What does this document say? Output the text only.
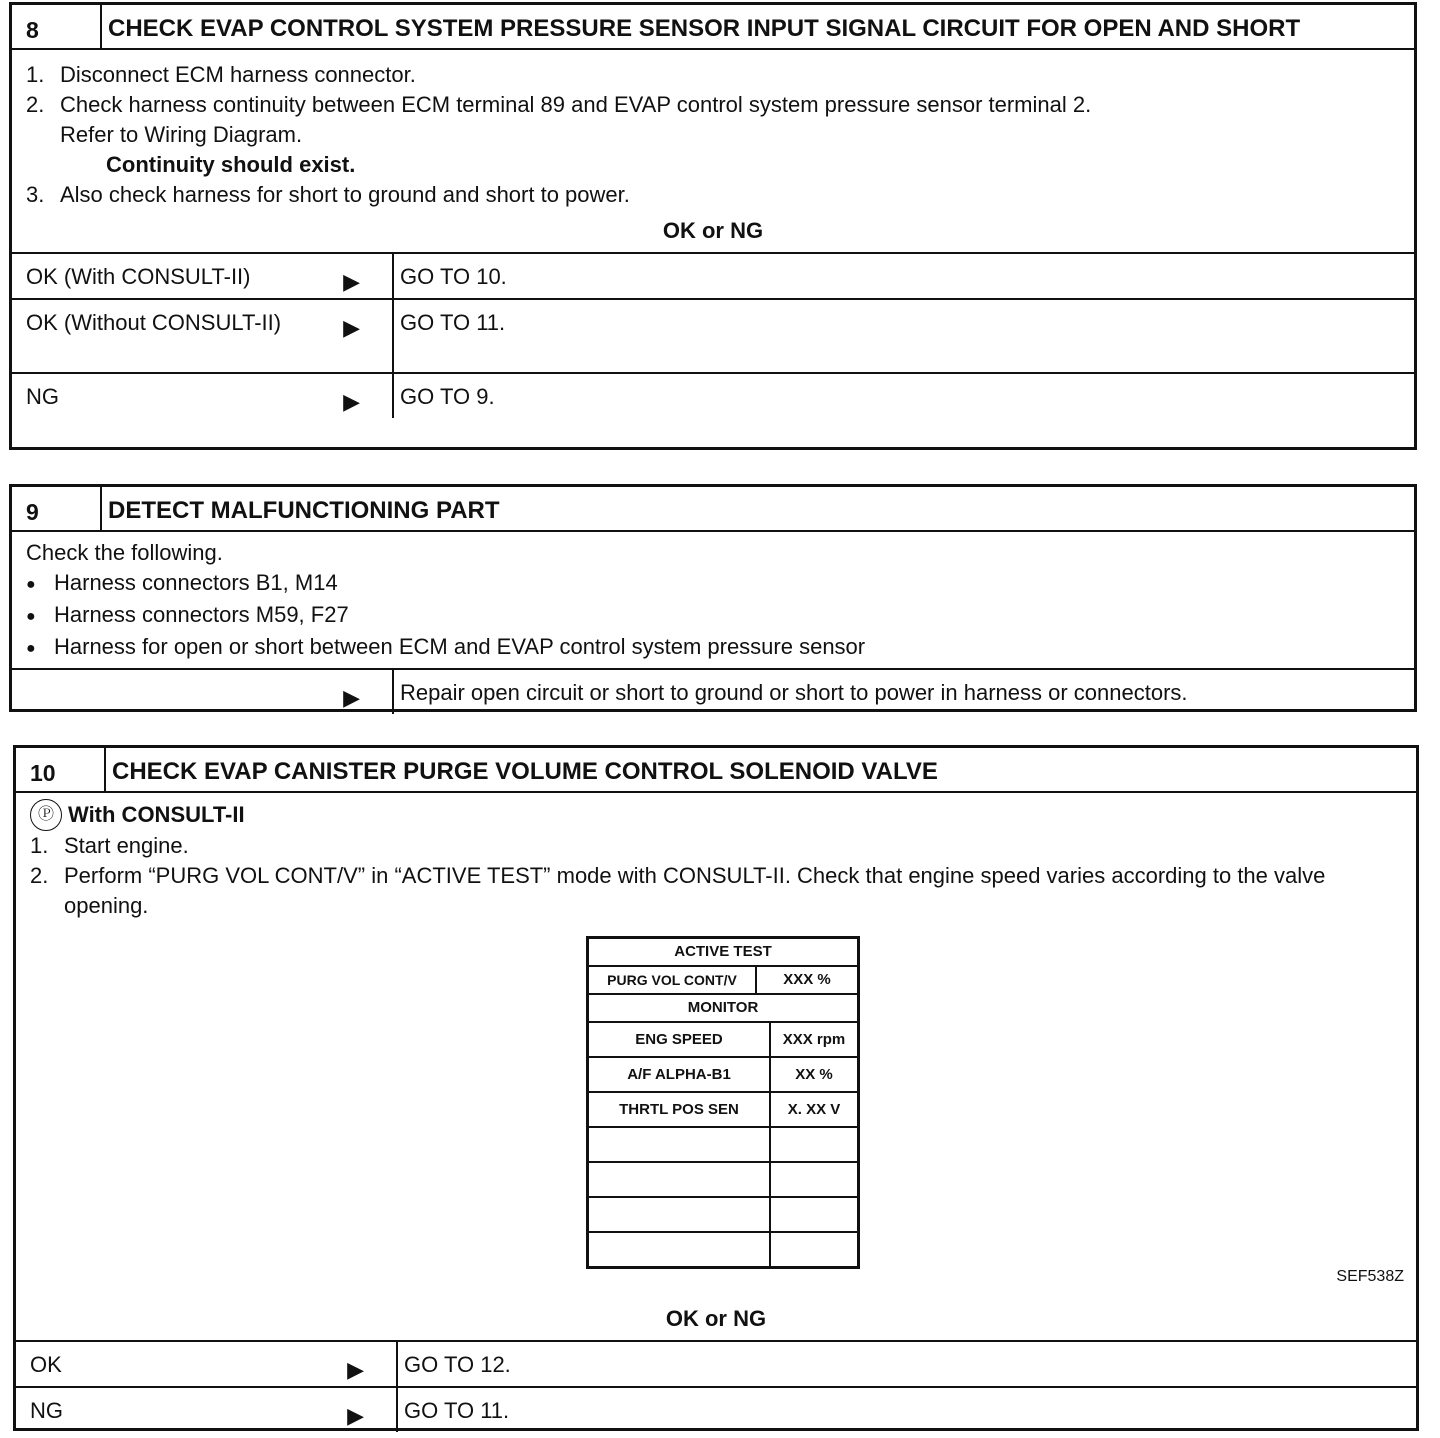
8	CHECK EVAP CONTROL SYSTEM PRESSURE SENSOR INPUT SIGNAL CIRCUIT FOR OPEN AND SHORT
1. Disconnect ECM harness connector.
2. Check harness continuity between ECM terminal 89 and EVAP control system pressure sensor terminal 2.
Refer to Wiring Diagram.
Continuity should exist.
3. Also check harness for short to ground and short to power.
OK or NG
OK (With CONSULT-II)	▶ GO TO 10.
OK (Without CONSULT-II)	▶ GO TO 11.
NG	▶ GO TO 9.
9	DETECT MALFUNCTIONING PART
Check the following.
● Harness connectors B1, M14
● Harness connectors M59, F27
● Harness for open or short between ECM and EVAP control system pressure sensor
▶ Repair open circuit or short to ground or short to power in harness or connectors.
10	CHECK EVAP CANISTER PURGE VOLUME CONTROL SOLENOID VALVE
Ⓟ With CONSULT-II
1. Start engine.
2. Perform “PURG VOL CONT/V” in “ACTIVE TEST” mode with CONSULT-II. Check that engine speed varies according to the valve opening.
ACTIVE TEST
PURG VOL CONT/V	XXX %
MONITOR
ENG SPEED	XXX rpm
A/F ALPHA-B1	XX %
THRTL POS SEN	X. XX V
SEF538Z
OK or NG
OK	▶ GO TO 12.
NG	▶ GO TO 11.
